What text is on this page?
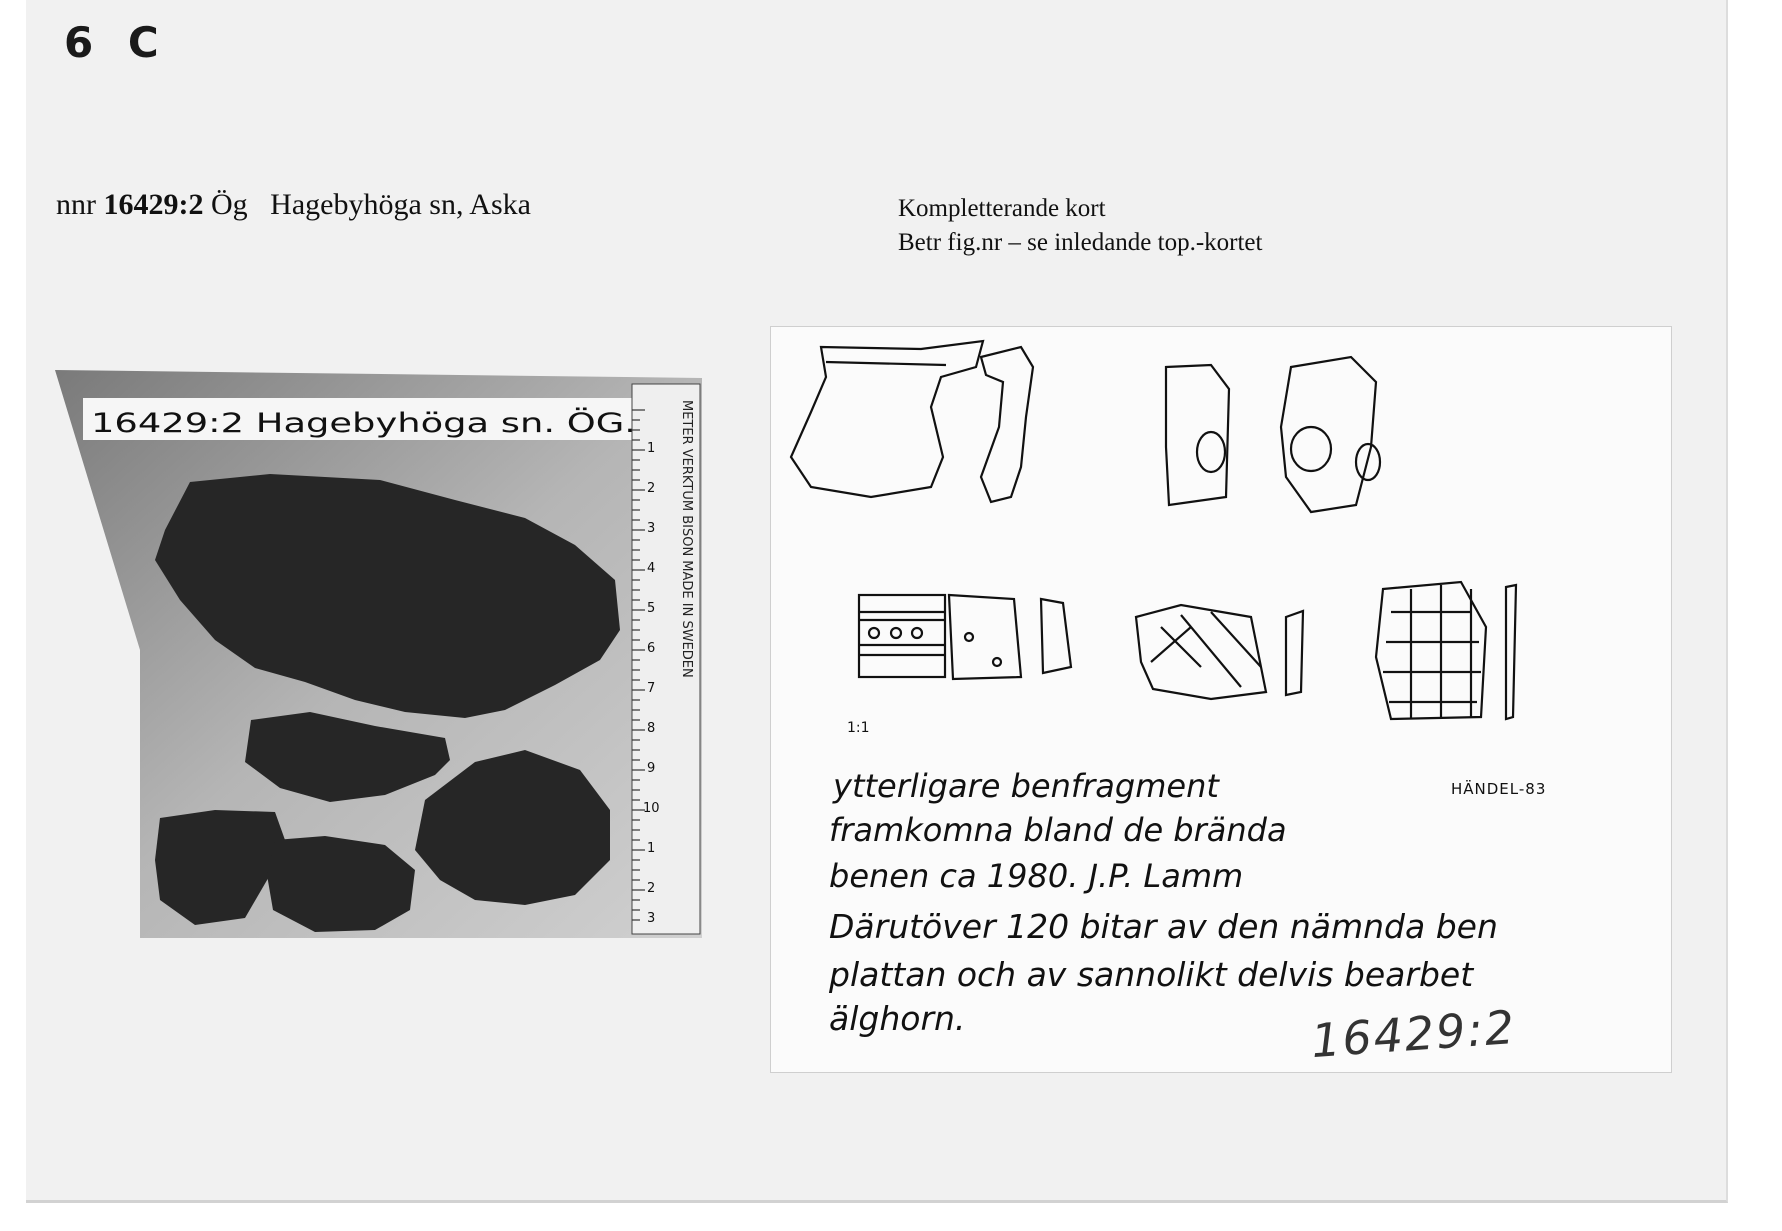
6 C
nnr 16429:2 Ög Hagebyhöga sn, Aska	Kompletterande kort
Betr fig.nr – se inledande top.-kortet
16429:2 Hagebyhöga sn. ÖG.	METER VERKTUM BISON MADE IN SWEDEN
1
2
3
4
5
6
7
8
9
10
1
2
3
1:1
HÄNDEL-83
ytterligare benfragment
framkomna bland de brända
benen ca 1980. J.P. Lamm
Därutöver 120 bitar av den nämnda ben
plattan och av sannolikt delvis bearbet
älghorn.	16429:2
